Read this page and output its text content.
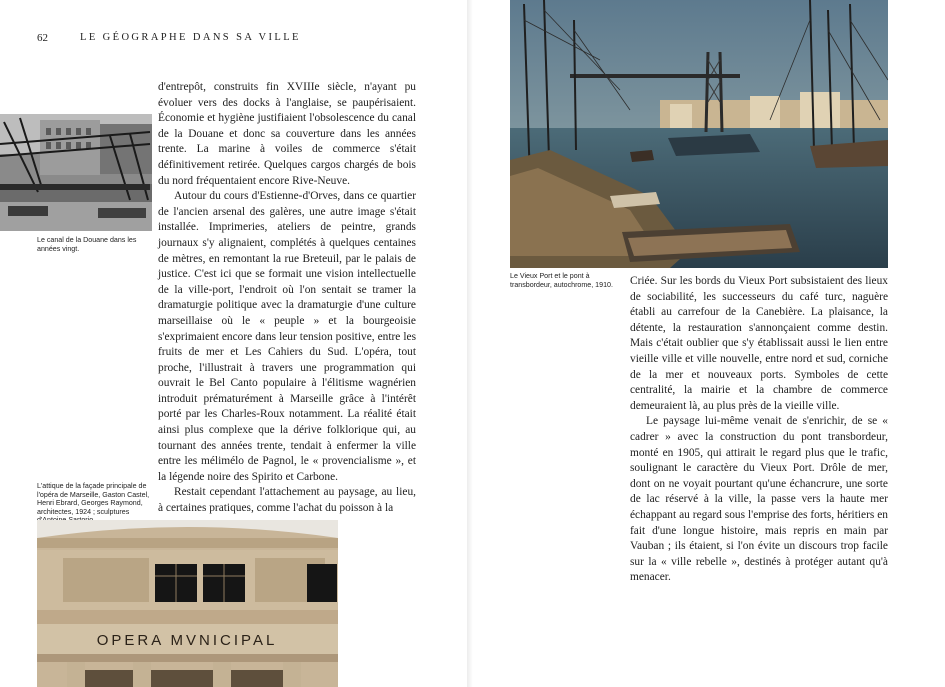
62	LE GÉOGRAPHE DANS SA VILLE
Le canal de la Douane dans les années vingt.

d'entrepôt, construits fin XVIIIe siècle, n'ayant pu évoluer vers des docks à l'anglaise, se paupérisaient. Économie et hygiène justifiaient l'obsolescence du canal de la Douane et donc sa couverture dans les années trente. La marine à voiles de commerce s'était définitivement retirée. Quelques cargos chargés de bois du nord fréquentaient encore Rive-Neuve.

Autour du cours d'Estienne-d'Orves, dans ce quartier de l'ancien arsenal des galères, une autre image s'était installée. Imprimeries, ateliers de peintre, grands journaux s'y alignaient, complétés à quelques centaines de mètres, en remontant la rue Breteuil, par le palais de justice. C'est ici que se formait une vision intellectuelle de la ville-port, l'endroit où l'on sentait se tramer la dramaturgie politique avec la dramaturgie d'une culture marseillaise où le « peuple » et la bourgeoisie s'exprimaient encore dans leur tension positive, entre les fruits de mer et Les Cahiers du Sud. L'opéra, tout proche, l'illustrait à travers une programmation qui ouvrait le Bel Canto populaire à l'élitisme wagnérien introduit prématurément à Marseille grâce à l'intérêt porté par les Charles-Roux notamment. La réalité était ainsi plus complexe que la dérive folklorique qui, au tournant des années trente, tendait à enfermer la ville entre les mélimélo de Pagnol, le « provencialisme », et la légende noire des Spirito et Carbone.

Restait cependant l'attachement au paysage, au lieu, à certaines pratiques, comme l'achat du poisson à la

L'attique de la façade principale de l'opéra de Marseille, Gaston Castel, Henri Ebrard, Georges Raymond, architectes, 1924 ; sculptures
OPERA MVNICIPAL
Le Vieux Port et le pont à transbordeur, autochrome, 1910.	Criée. Sur les bords du Vieux Port subsistaient des lieux de sociabilité, les successeurs du café turc, naguère établi au carrefour de la Canebière. La plaisance, la détente, la restauration s'annonçaient comme destin. Mais c'était oublier que s'y établissait aussi le lien entre vieille ville et ville nouvelle, entre nord et sud, corniche de la mer et nouveaux ports. Symboles de cette centralité, la mairie et la chambre de commerce demeuraient là, au plus près de la vieille ville.

Le paysage lui-même venait de s'enrichir, de se « cadrer » avec la construction du pont transbordeur, monté en 1905, qui attirait le regard plus que le trafic, soulignant le caractère du Vieux Port. Drôle de mer, dont on ne voyait pourtant qu'une échancrure, une sorte de lac réservé à la ville, la passe vers la haute mer échappant au regard sous l'emprise des forts, héritiers en fait d'une longue histoire, mais repris en main par Vauban ; ils étaient, si l'on évite un discours trop facile sur la « ville rebelle », destinés à protéger autant qu'à menacer.
